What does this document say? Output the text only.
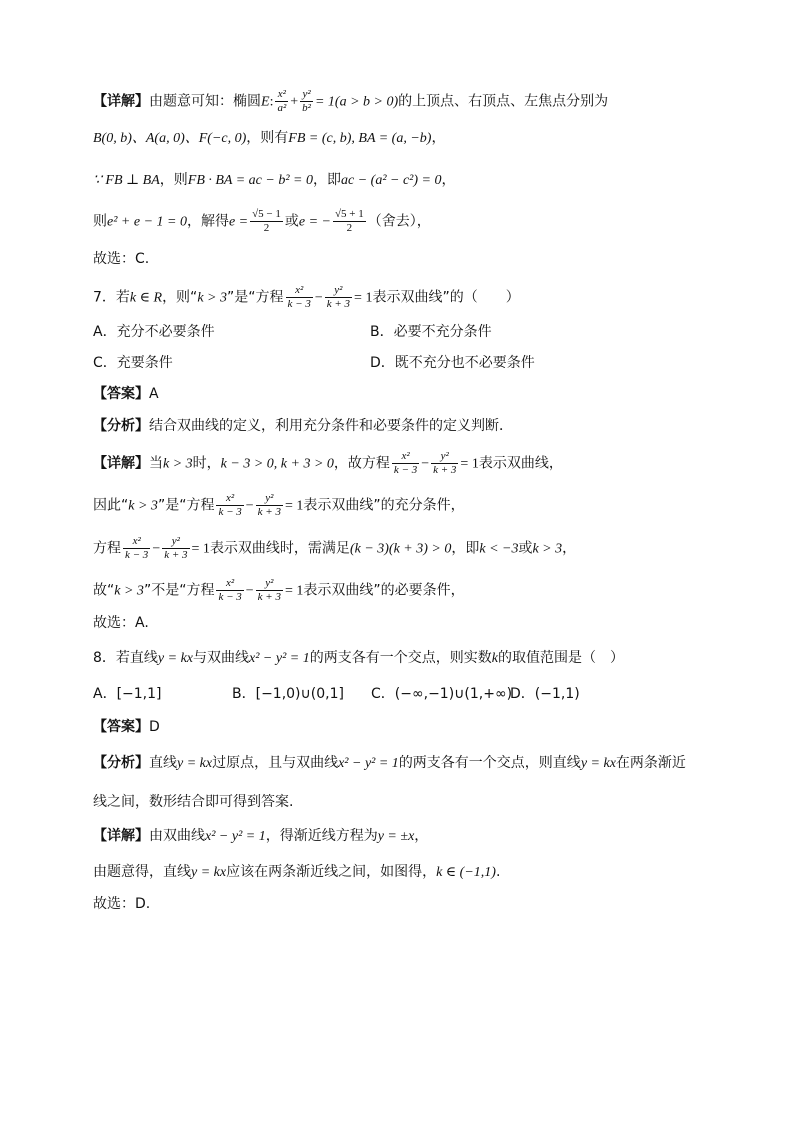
【详解】由题意可知：椭圆E: $\frac{\text{x²}}{\text{a²}} + \frac{\text{y²}}{\text{b²}} = 1(a > b > 0)$的上顶点、右顶点、左焦点分别为
B(0, b)、A(a, 0)、F(−c, 0)，则有FB = (c, b), BA = (a, −b)，
∵ FB ⊥ BA，则FB · BA = ac − b² = 0，即ac − (a² − c²) = 0，
则e² + e − 1 = 0，解得$e = \frac{√5 - 1}{2}$ 或e = − $\frac{√5 + 1}{2}$ （舍去），
故选：C.
7．若k ∈ R，则“k > 3”是“方程 $\frac{\text{x²}}{k - 3} - \frac{\text{y²}}{k + 3} = 1$表示双曲线”的（　　）
A．充分不必要条件	B．必要不充分条件
C．充要条件	D．既不充分也不必要条件
【答案】A
【分析】结合双曲线的定义，利用充分条件和必要条件的定义判断．
【详解】当k > 3时，k − 3 > 0, k + 3 > 0，故方程 $\frac{\text{x²}}{k - 3} - \frac{\text{y²}}{k + 3} = 1$表示双曲线，
因此“k > 3”是“方程 $\frac{\text{x²}}{k - 3} - \frac{\text{y²}}{k + 3} = 1$表示双曲线”的充分条件，
方程 $\frac{\text{x²}}{k - 3} - \frac{\text{y²}}{k + 3} = 1$表示双曲线时，需满足(k − 3)(k + 3) > 0，即k < −3或k > 3，
故“k > 3”不是“方程 $\frac{\text{x²}}{k - 3} - \frac{\text{y²}}{k + 3} = 1$表示双曲线”的必要条件，
故选：A.
8．若直线y = kx与双曲线x² − y² = 1的两支各有一个交点，则实数k的取值范围是（　）
A．[−1,1]	B．[−1,0)∪(0,1] C．(−∞,−1)∪(1,+∞)
D．(−1,1)
【答案】D
【分析】直线y = kx过原点，且与双曲线x² − y² = 1的两支各有一个交点，则直线y = kx在两条渐近
线之间，数形结合即可得到答案.
【详解】由双曲线x² − y² = 1，得渐近线方程为y = ±x，
由题意得，直线y = kx应该在两条渐近线之间，如图得，k ∈ (−1,1).
故选：D.
